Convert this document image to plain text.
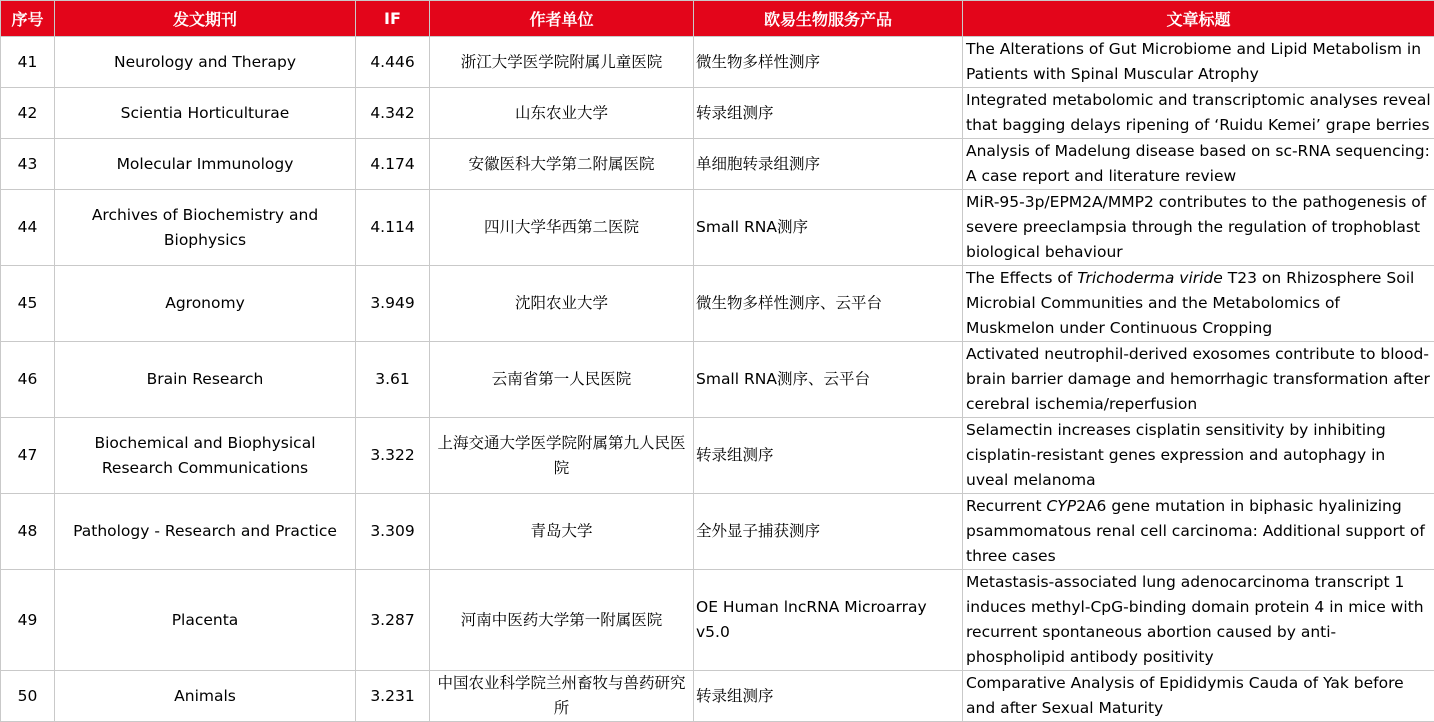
序号	发文期刊	IF	作者单位	欧易生物服务产品	文章标题
41	Neurology and Therapy	4.446	浙江大学医学院附属儿童医院	微生物多样性测序	The Alterations of Gut Microbiome and Lipid Metabolism in Patients with Spinal Muscular Atrophy
42	Scientia Horticulturae	4.342	山东农业大学	转录组测序	Integrated metabolomic and transcriptomic analyses reveal that bagging delays ripening of ‘Ruidu Kemei’ grape berries
43	Molecular Immunology	4.174	安徽医科大学第二附属医院	单细胞转录组测序	Analysis of Madelung disease based on sc-RNA sequencing: A case report and literature review
44	Archives of Biochemistry and Biophysics	4.114	四川大学华西第二医院	Small RNA测序	MiR-95-3p/EPM2A/MMP2 contributes to the pathogenesis of severe preeclampsia through the regulation of trophoblast biological behaviour
45	Agronomy	3.949	沈阳农业大学	微生物多样性测序、云平台	The Effects of Trichoderma viride T23 on Rhizosphere Soil Microbial Communities and the Metabolomics of Muskmelon under Continuous Cropping
46	Brain Research	3.61	云南省第一人民医院	Small RNA测序、云平台	Activated neutrophil-derived exosomes contribute to blood-brain barrier damage and hemorrhagic transformation after cerebral ischemia/reperfusion
47	Biochemical and Biophysical Research Communications	3.322	上海交通大学医学院附属第九人民医院	转录组测序	Selamectin increases cisplatin sensitivity by inhibiting cisplatin-resistant genes expression and autophagy in uveal melanoma
48	Pathology - Research and Practice	3.309	青岛大学	全外显子捕获测序	Recurrent CYP2A6 gene mutation in biphasic hyalinizing psammomatous renal cell carcinoma: Additional support of three cases
49	Placenta	3.287	河南中医药大学第一附属医院	OE Human lncRNA Microarray v5.0	Metastasis-associated lung adenocarcinoma transcript 1 induces methyl-CpG-binding domain protein 4 in mice with recurrent spontaneous abortion caused by anti-phospholipid antibody positivity
50	Animals	3.231	中国农业科学院兰州畜牧与兽药研究所	转录组测序	Comparative Analysis of Epididymis Cauda of Yak before and after Sexual Maturity
